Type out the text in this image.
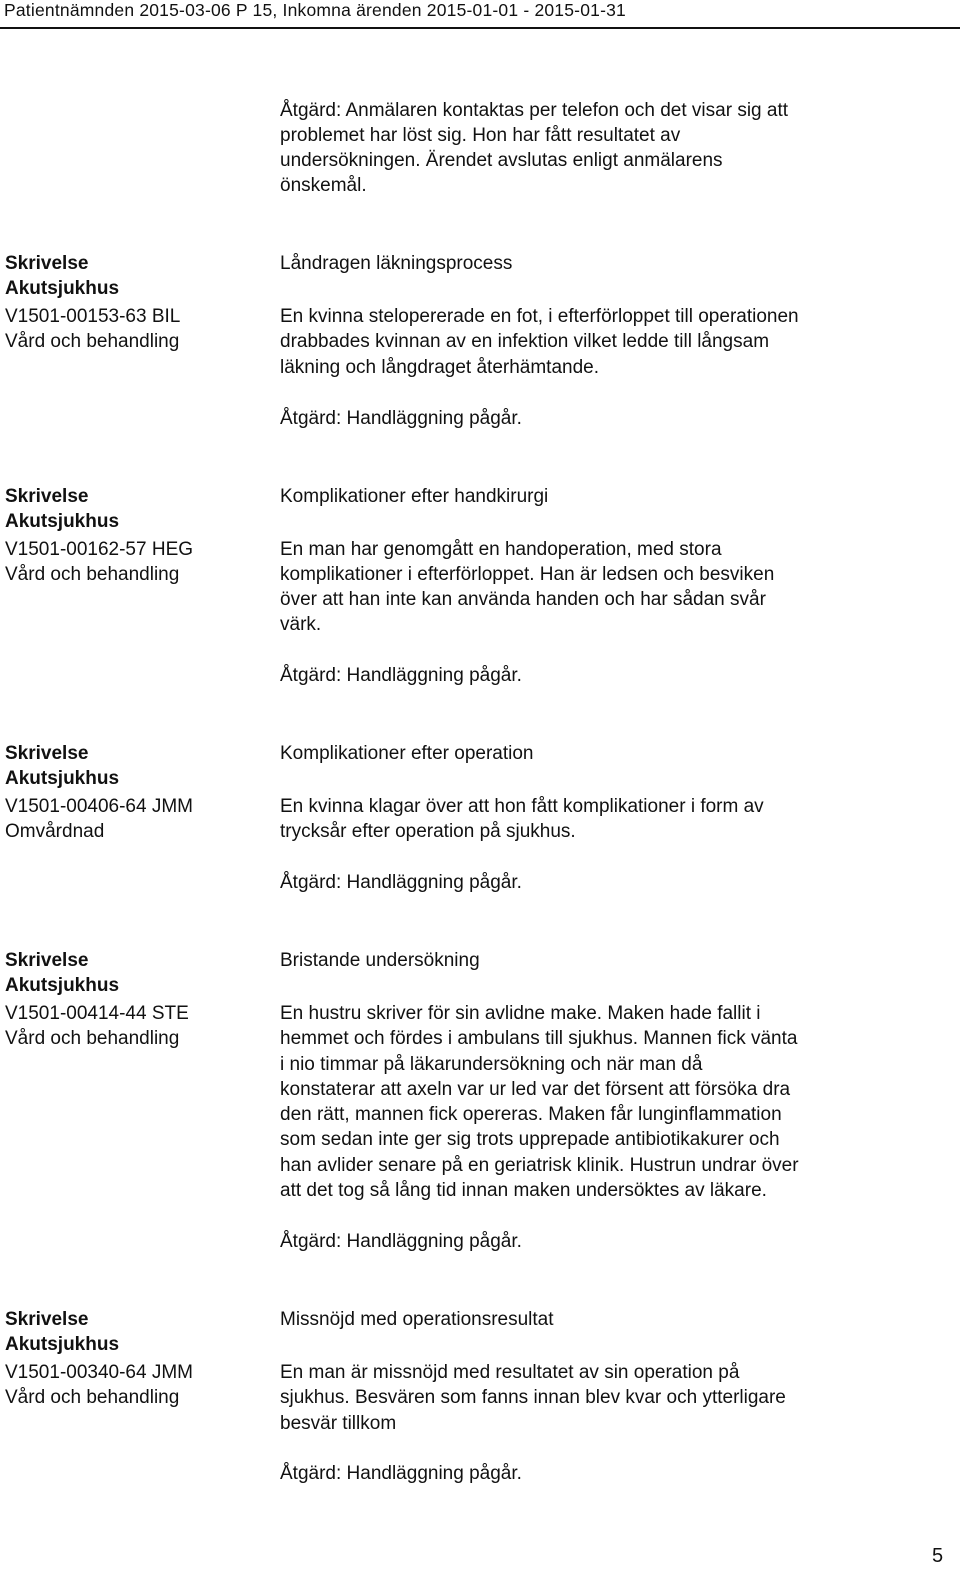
Patientnämnden 2015-03-06 P 15, Inkomna ärenden 2015-01-01 - 2015-01-31
Åtgärd: Anmälaren kontaktas per telefon och det visar sig att
problemet har löst sig. Hon har fått resultatet av
undersökningen. Ärendet avslutas enligt anmälarens
önskemål.
Skrivelse
Akutsjukhus
V1501-00153-63 BIL
Vård och behandling
Låndragen läkningsprocess
En kvinna stelopererade en fot, i efterförloppet till operationen
drabbades kvinnan av en infektion vilket ledde till långsam
läkning och långdraget återhämtande.
Åtgärd: Handläggning pågår.
Skrivelse
Akutsjukhus
V1501-00162-57 HEG
Vård och behandling
Komplikationer efter handkirurgi
En man har genomgått en handoperation, med stora
komplikationer i efterförloppet. Han är ledsen och besviken
över att han inte kan använda handen och har sådan svår
värk.
Åtgärd: Handläggning pågår.
Skrivelse
Akutsjukhus
V1501-00406-64 JMM
Omvårdnad
Komplikationer efter operation
En kvinna klagar över att hon fått komplikationer i form av
trycksår efter operation på sjukhus.
Åtgärd: Handläggning pågår.
Skrivelse
Akutsjukhus
V1501-00414-44 STE
Vård och behandling
Bristande undersökning
En hustru skriver för sin avlidne make. Maken hade fallit i
hemmet och fördes i ambulans till sjukhus. Mannen fick vänta
i nio timmar på läkarundersökning och när man då
konstaterar att axeln var ur led var det försent att försöka dra
den rätt, mannen fick opereras. Maken får lunginflammation
som sedan inte ger sig trots upprepade antibiotikakurer och
han avlider senare på en geriatrisk klinik. Hustrun undrar över
att det tog så lång tid innan maken undersöktes av läkare.
Åtgärd: Handläggning pågår.
Skrivelse
Akutsjukhus
V1501-00340-64 JMM
Vård och behandling
Missnöjd med operationsresultat
En man är missnöjd med resultatet av sin operation på
sjukhus. Besvären som fanns innan blev kvar och ytterligare
besvär tillkom
Åtgärd: Handläggning pågår.
5
